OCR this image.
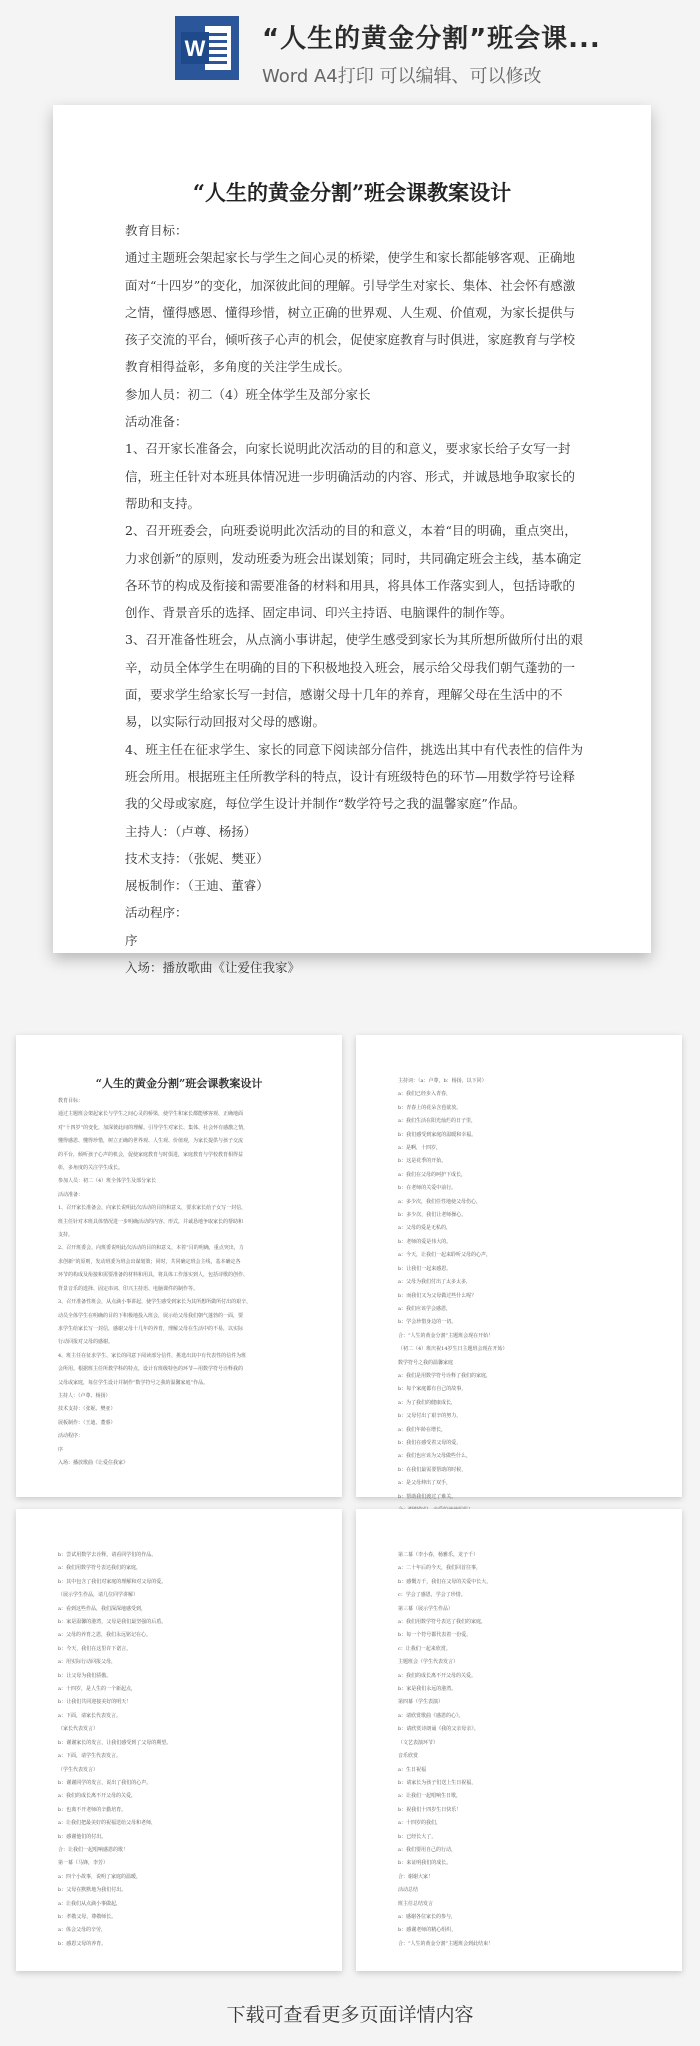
W “人生的黄金分割”班会课...
Word A4打印 可以编辑、可以修改
“人生的黄金分割”班会课教案设计

教育目标：

通过主题班会架起家长与学生之间心灵的桥梁，使学生和家长都能够客观、正确地面对“十四岁”的变化，加深彼此间的理解。引导学生对家长、集体、社会怀有感激之情，懂得感恩、懂得珍惜，树立正确的世界观、人生观、价值观，为家长提供与孩子交流的平台，倾听孩子心声的机会，促使家庭教育与时俱进，家庭教育与学校教育相得益彰，多角度的关注学生成长。

参加人员：初二（4）班全体学生及部分家长

活动准备：

1、召开家长准备会，向家长说明此次活动的目的和意义，要求家长给子女写一封信，班主任针对本班具体情况进一步明确活动的内容、形式，并诚恳地争取家长的帮助和支持。

2、召开班委会，向班委说明此次活动的目的和意义，本着“目的明确，重点突出，力求创新”的原则，发动班委为班会出谋划策；同时，共同确定班会主线，基本确定各环节的构成及衔接和需要准备的材料和用具，将具体工作落实到人，包括诗歌的创作、背景音乐的选择、固定串词、印兴主持语、电脑课件的制作等。

3、召开准备性班会，从点滴小事讲起，使学生感受到家长为其所想所做所付出的艰辛，动员全体学生在明确的目的下积极地投入班会，展示给父母我们朝气蓬勃的一面，要求学生给家长写一封信，感谢父母十几年的养育，理解父母在生活中的不易，以实际行动回报对父母的感谢。

4、班主任在征求学生、家长的同意下阅读部分信件，挑选出其中有代表性的信件为班会所用。根据班主任所教学科的特点，设计有班级特色的环节—用数学符号诠释我的父母或家庭，每位学生设计并制作“数学符号之我的温馨家庭”作品。

主持人：（卢尊、杨扬）

技术支持：（张妮、樊亚）

展板制作：（王迪、董睿）

活动程序：

序

入场：播放歌曲《让爱住我家》

“人生的黄金分割”班会课教案设计
教育目标：
通过主题班会架起家长与学生之间心灵的桥梁，使学生和家长都能够客观、正确地面
对“十四岁”的变化，加深彼此间的理解。引导学生对家长、集体、社会怀有感激之情，
懂得感恩、懂得珍惜，树立正确的世界观、人生观、价值观，为家长提供与孩子交流
的平台，倾听孩子心声的机会，促使家庭教育与时俱进，家庭教育与学校教育相得益
彰，多角度的关注学生成长。
参加人员：初二（4）班全体学生及部分家长
活动准备：
1、召开家长准备会，向家长说明此次活动的目的和意义，要求家长给子女写一封信，
班主任针对本班具体情况进一步明确活动的内容、形式，并诚恳地争取家长的帮助和
支持。
2、召开班委会，向班委说明此次活动的目的和意义，本着“目的明确，重点突出，力
求创新”的原则，发动班委为班会出谋划策；同时，共同确定班会主线，基本确定各
环节的构成及衔接和需要准备的材料和用具，将具体工作落实到人，包括诗歌的创作、
背景音乐的选择、固定串词、印兴主持语、电脑课件的制作等。
3、召开准备性班会，从点滴小事讲起，使学生感受到家长为其所想所做所付出的艰辛，
动员全体学生在明确的目的下积极地投入班会，展示给父母我们朝气蓬勃的一面，要
求学生给家长写一封信，感谢父母十几年的养育，理解父母在生活中的不易，以实际
行动回报对父母的感谢。
4、班主任在征求学生、家长的同意下阅读部分信件，挑选出其中有代表性的信件为班
会所用。根据班主任所教学科的特点，设计有班级特色的环节—用数学符号诠释我的
父母或家庭，每位学生设计并制作“数学符号之我的温馨家庭”作品。
主持人：（卢尊、杨扬）
技术支持：（张妮、樊亚）
展板制作：（王迪、董睿）
活动程序：
序
入场：播放歌曲《让爱住我家》
主持词：（a：卢尊，b：杨扬，以下同）
a：我们已经步入青春，
b：青春上的花朵含苞欲放。
a：我们生活在阳光灿烂的日子里，
b：我们感受到家庭的温暖和幸福。
a：是啊，十四岁，
b：这是花季的开始。
a：我们在父母的呵护下成长，
b：在老师的关爱中前行。
a：多少次，我们任性地使父母伤心，
b：多少次，我们让老师操心。
a：父母的爱是无私的，
b：老师的爱是伟大的。
a：今天，让我们一起来聆听父母的心声，
b：让我们一起来感恩。
a：父母为我们付出了太多太多，
b：而我们又为父母做过些什么呢？
a：我们应该学会感恩，
b：学会珍惜身边的一切。
合：“人生的黄金分割”主题班会现在开始！
（初二（4）班庆祝14岁生日主题班会现在开始）
数学符号之我的温馨家庭
a：我们是用数学符号诠释了我们的家庭，
b：每个家庭都有自己的故事，
a：为了我们的健康成长，
b：父母付出了艰辛的努力，
a：我们年龄在增长，
b：我们在感受着父母的爱，
a：我们也应该为父母做些什么，
b：在我们最需要帮助的时候，
a：是父母伸出了双手，
b：帮助我们渡过了难关。
b：尝试用数学去诠释，请看同学们的作品。
a：我们用数学符号表达我们的家庭，
b：其中包含了我们对家庭的理解和对父母的爱。
（展示学生作品，请几位同学讲解）
a：看到这些作品，我们深深地感受到，
b：家是温馨的港湾，父母是我们最坚强的后盾。
a：父母的养育之恩，我们永远铭记在心。
b：今天，我们在这里许下诺言，
a：用实际行动回报父母，
b：让父母为我们骄傲。
a：十四岁，是人生的一个新起点，
b：让我们共同迎接美好的明天！
a：下面，请家长代表发言。
（家长代表发言）
b：谢谢家长的发言，让我们感受到了父母的期望。
a：下面，请学生代表发言。
（学生代表发言）
b：谢谢同学的发言，说出了我们的心声。
a：我们的成长离不开父母的关爱，
b：也离不开老师的辛勤培育。
a：让我们把最美好的祝福送给父母和老师，
b：感谢他们的付出。
合：让我们一起唱响感恩的歌！
第一幕（马锋，李芳）
a：四个小故事，说明了家庭的温暖，
b：父母在默默地为我们付出。
a：让我们从点滴小事做起，
b：孝敬父母，尊敬师长。
a：体会父母的辛劳，
b：感恩父母的养育。
第二幕（李小春，杨雅乐，龙子千）
a：二十年后的今天，我们回首往事，
b：感慨万千，我们在父母的关爱中长大，
c：学会了感恩，学会了珍惜。
第三幕（展示学生作品）
a：我们用数学符号表达了我们的家庭，
b：每一个符号都代表着一份爱。
c：让我们一起来欣赏。
主题班会（学生代表发言）
a：我们的成长离不开父母的关爱。
b：家是我们永远的港湾。
第四幕（学生表演）
a：请欣赏歌曲《感恩的心》。
b：请欣赏诗朗诵《我的父亲母亲》。
（文艺表演环节）
音乐欣赏
a：生日祝福
b：请家长为孩子们送上生日祝福，
a：让我们一起唱响生日歌，
b：祝我们十四岁生日快乐！
a：十四岁的我们，
b：已经长大了，
a：我们要用自己的行动，
b：来证明我们的成长。
合：谢谢大家！
活动总结
班主任总结发言
a：感谢各位家长的参与，
b：感谢老师的精心组织，
合：“人生的黄金分割”主题班会到此结束！
下载可查看更多页面详情内容
